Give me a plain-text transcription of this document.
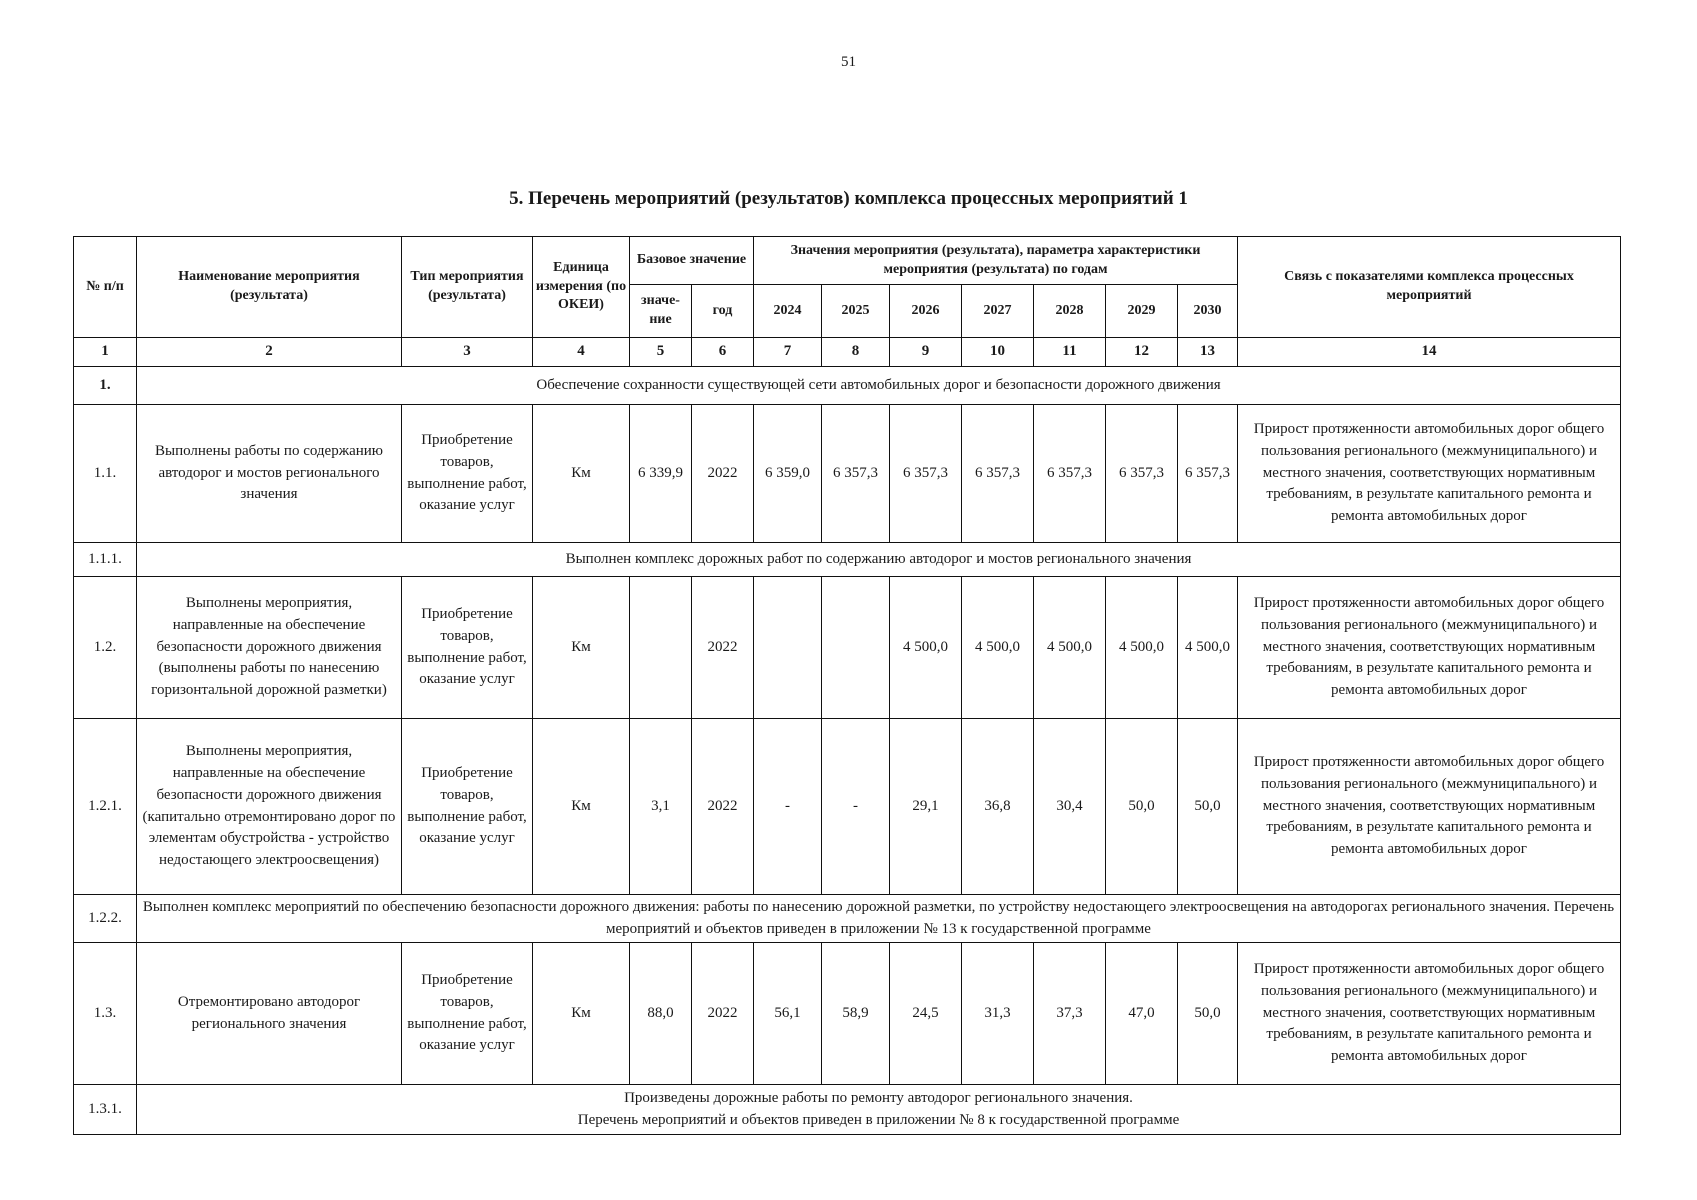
51
5. Перечень мероприятий (результатов) комплекса процессных мероприятий 1
№ п/п	Наименование мероприятия (результата)	Тип мероприятия (результата)	Единица измерения (по ОКЕИ)	Базовое значение		Значения мероприятия (результата), параметра характеристики мероприятия (результата) по годам							Связь с показателями комплекса процессных мероприятий
				значе-ние	год	2024	2025	2026	2027	2028	2029	2030	
1	2	3	4	5	6	7	8	9	10	11	12	13	14
1.	Обеспечение сохранности существующей сети автомобильных дорог и безопасности дорожного движения												
1.1.	Выполнены работы по содержанию автодорог и мостов регионального значения	Приобретение товаров, выполнение работ, оказание услуг	Км	6 339,9	2022	6 359,0	6 357,3	6 357,3	6 357,3	6 357,3	6 357,3	6 357,3	Прирост протяженности автомобильных дорог общего пользования регионального (межмуниципального) и местного значения, соответствующих нормативным требованиям, в результате капитального ремонта и ремонта автомобильных дорог
1.1.1.	Выполнен комплекс дорожных работ по содержанию автодорог и мостов регионального значения												
1.2.	Выполнены мероприятия, направленные на обеспечение безопасности дорожного движения (выполнены работы по нанесению горизонтальной дорожной разметки)	Приобретение товаров, выполнение работ, оказание услуг	Км		2022			4 500,0	4 500,0	4 500,0	4 500,0	4 500,0	Прирост протяженности автомобильных дорог общего пользования регионального (межмуниципального) и местного значения, соответствующих нормативным требованиям, в результате капитального ремонта и ремонта автомобильных дорог
1.2.1.	Выполнены мероприятия, направленные на обеспечение безопасности дорожного движения (капитально отремонтировано дорог по элементам обустройства - устройство недостающего электроосвещения)	Приобретение товаров, выполнение работ, оказание услуг	Км	3,1	2022	-	-	29,1	36,8	30,4	50,0	50,0	Прирост протяженности автомобильных дорог общего пользования регионального (межмуниципального) и местного значения, соответствующих нормативным требованиям, в результате капитального ремонта и ремонта автомобильных дорог
1.2.2.	Выполнен комплекс мероприятий по обеспечению безопасности дорожного движения: работы по нанесению дорожной разметки, по устройству недостающего электроосвещения на автодорогах регионального значения. Перечень мероприятий и объектов приведен в приложении № 13 к государственной программе												
1.3.	Отремонтировано автодорог регионального значения	Приобретение товаров, выполнение работ, оказание услуг	Км	88,0	2022	56,1	58,9	24,5	31,3	37,3	47,0	50,0	Прирост протяженности автомобильных дорог общего пользования регионального (межмуниципального) и местного значения, соответствующих нормативным требованиям, в результате капитального ремонта и ремонта автомобильных дорог
1.3.1.	Произведены дорожные работы по ремонту автодорог регионального значения.
Перечень мероприятий и объектов приведен в приложении № 8 к государственной программе												
